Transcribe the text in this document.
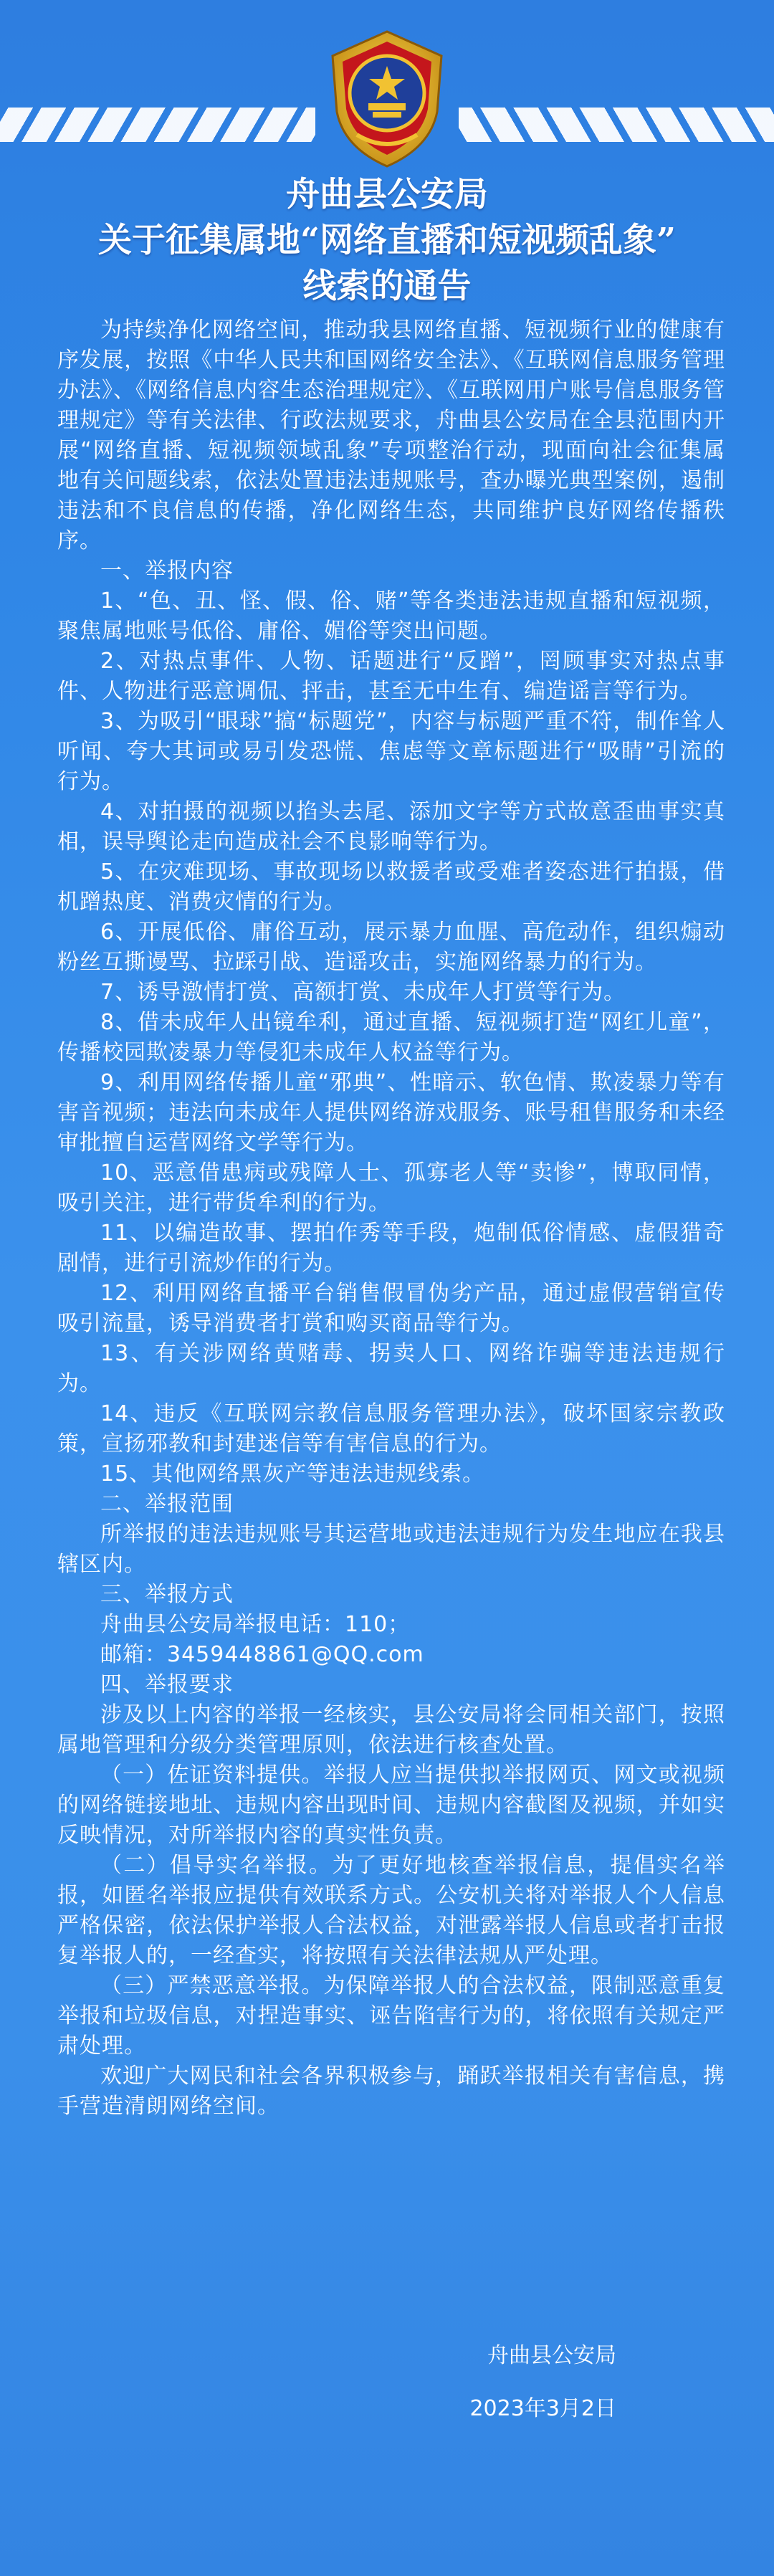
舟曲县公安局
关于征集属地“网络直播和短视频乱象”
线索的通告

为持续净化网络空间，推动我县网络直播、短视频行业的健康有序发展，按照《中华人民共和国网络安全法》、《互联网信息服务管理办法》、《网络信息内容生态治理规定》、《互联网用户账号信息服务管理规定》等有关法律、行政法规要求，舟曲县公安局在全县范围内开展“网络直播、短视频领域乱象”专项整治行动，现面向社会征集属地有关问题线索，依法处置违法违规账号，查办曝光典型案例，遏制违法和不良信息的传播，净化网络生态，共同维护良好网络传播秩序。

一、举报内容

1、“色、丑、怪、假、俗、赌”等各类违法违规直播和短视频，聚焦属地账号低俗、庸俗、媚俗等突出问题。

2、对热点事件、人物、话题进行“反蹭”，罔顾事实对热点事件、人物进行恶意调侃、抨击，甚至无中生有、编造谣言等行为。

3、为吸引“眼球”搞“标题党”，内容与标题严重不符，制作耸人听闻、夸大其词或易引发恐慌、焦虑等文章标题进行“吸睛”引流的行为。

4、对拍摄的视频以掐头去尾、添加文字等方式故意歪曲事实真相，误导舆论走向造成社会不良影响等行为。

5、在灾难现场、事故现场以救援者或受难者姿态进行拍摄，借机蹭热度、消费灾情的行为。

6、开展低俗、庸俗互动，展示暴力血腥、高危动作，组织煽动粉丝互撕谩骂、拉踩引战、造谣攻击，实施网络暴力的行为。

7、诱导激情打赏、高额打赏、未成年人打赏等行为。

8、借未成年人出镜牟利，通过直播、短视频打造“网红儿童”，传播校园欺凌暴力等侵犯未成年人权益等行为。

9、利用网络传播儿童“邪典”、性暗示、软色情、欺凌暴力等有害音视频；违法向未成年人提供网络游戏服务、账号租售服务和未经审批擅自运营网络文学等行为。

10、恶意借患病或残障人士、孤寡老人等“卖惨”，博取同情，吸引关注，进行带货牟利的行为。

11、以编造故事、摆拍作秀等手段，炮制低俗情感、虚假猎奇剧情，进行引流炒作的行为。

12、利用网络直播平台销售假冒伪劣产品，通过虚假营销宣传吸引流量，诱导消费者打赏和购买商品等行为。

13、有关涉网络黄赌毒、拐卖人口、网络诈骗等违法违规行为。

14、违反《互联网宗教信息服务管理办法》，破坏国家宗教政策，宣扬邪教和封建迷信等有害信息的行为。

15、其他网络黑灰产等违法违规线索。

二、举报范围

所举报的违法违规账号其运营地或违法违规行为发生地应在我县辖区内。

三、举报方式

舟曲县公安局举报电话：110；

邮箱：3459448861@QQ.com

四、举报要求

涉及以上内容的举报一经核实，县公安局将会同相关部门，按照属地管理和分级分类管理原则，依法进行核查处置。

（一）佐证资料提供。举报人应当提供拟举报网页、网文或视频的网络链接地址、违规内容出现时间、违规内容截图及视频，并如实反映情况，对所举报内容的真实性负责。

（二）倡导实名举报。为了更好地核查举报信息，提倡实名举报，如匿名举报应提供有效联系方式。公安机关将对举报人个人信息严格保密，依法保护举报人合法权益，对泄露举报人信息或者打击报复举报人的，一经查实，将按照有关法律法规从严处理。

（三）严禁恶意举报。为保障举报人的合法权益，限制恶意重复举报和垃圾信息，对捏造事实、诬告陷害行为的，将依照有关规定严肃处理。

欢迎广大网民和社会各界积极参与，踊跃举报相关有害信息，携手营造清朗网络空间。

舟曲县公安局
2023年3月2日
